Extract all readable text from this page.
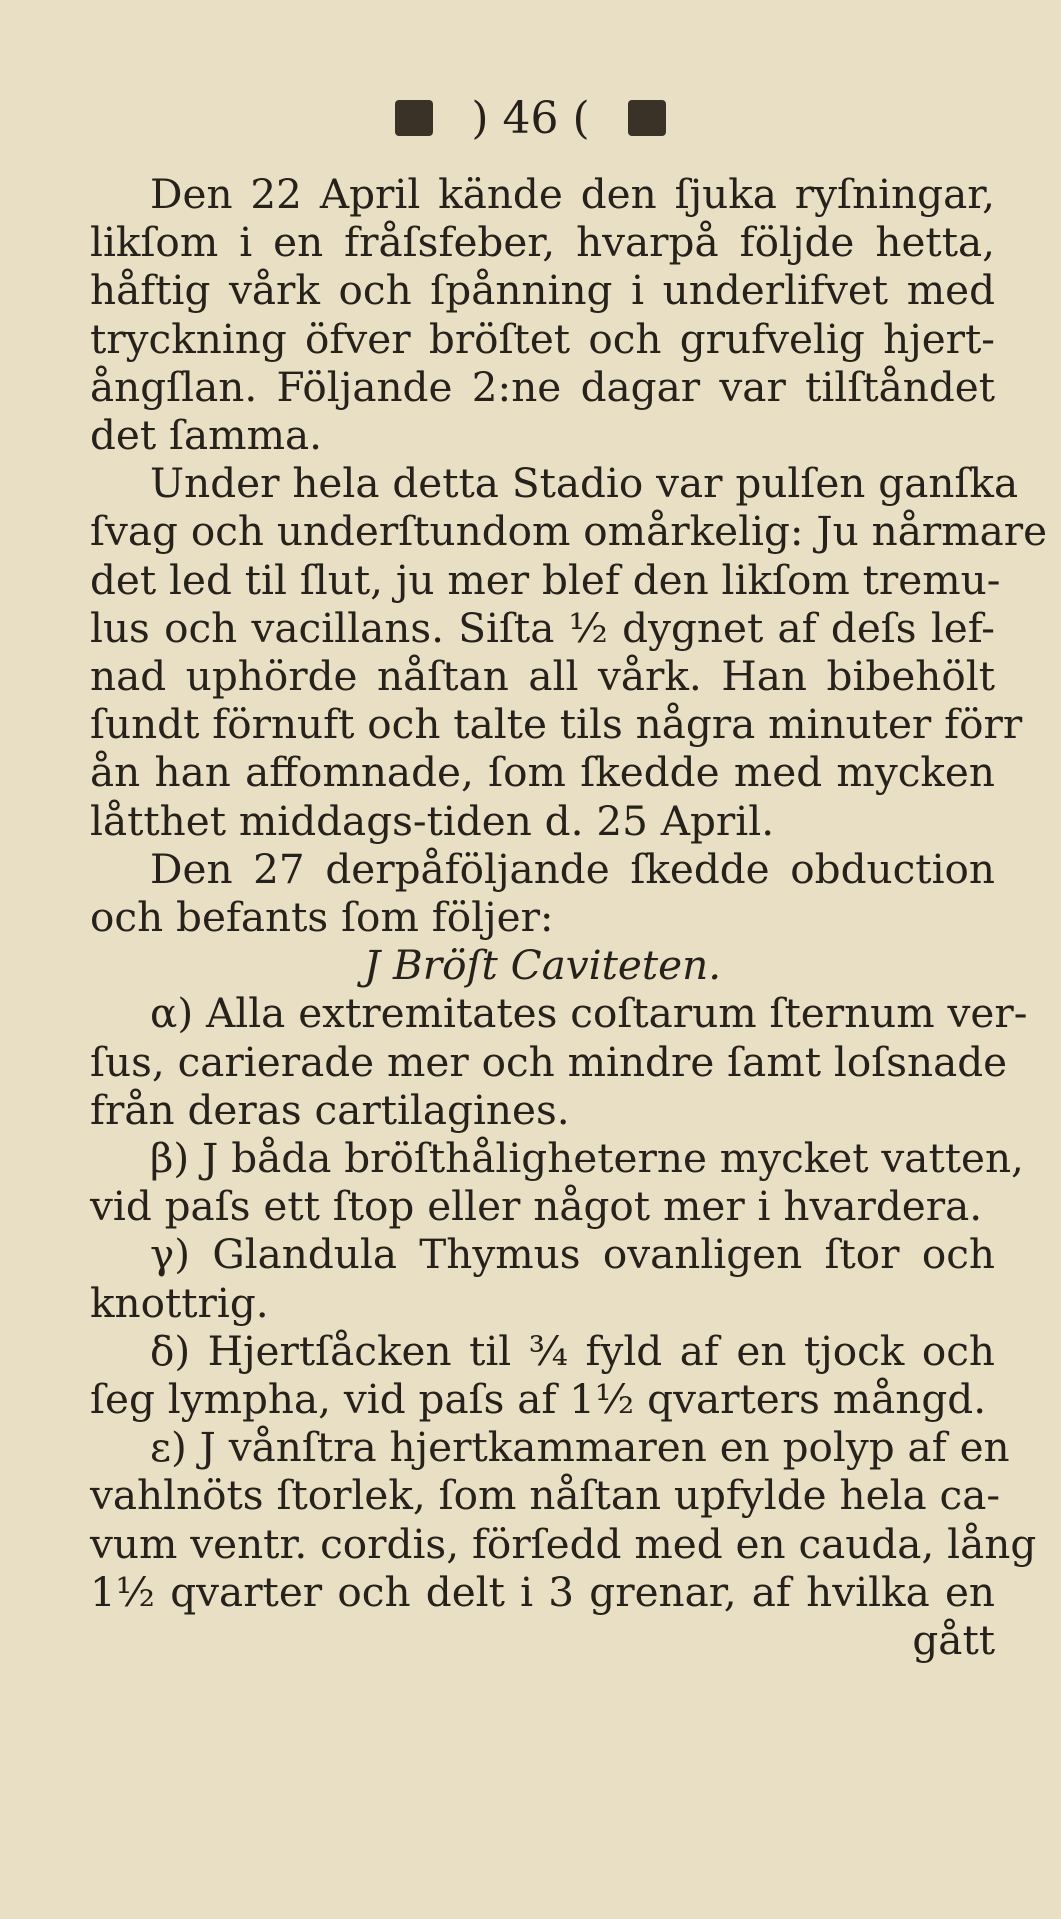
) 46 (
Den 22 April kände den ſjuka ryſningar,
likſom i en fråſsfeber, hvarpå följde hetta,
håftig vårk och ſpånning i underlifvet med
tryckning öfver bröſtet och grufvelig hjert-
ångſlan. Följande 2:ne dagar var tilſtåndet
det ſamma.
Under hela detta Stadio var pulſen ganſka
ſvag och underſtundom omårkelig: Ju nårmare
det led til ſlut, ju mer blef den likſom tremu-
lus och vacillans. Siſta ½ dygnet af deſs lef-
nad uphörde nåſtan all vårk. Han bibehölt
ſundt förnuft och talte tils några minuter förr
ån han affomnade, ſom ſkedde med mycken
låtthet middags-tiden d. 25 April.
Den 27 derpåföljande ſkedde obduction
och befants ſom följer:
J Bröſt Caviteten.
α) Alla extremitates coſtarum ſternum ver-
ſus, carierade mer och mindre ſamt loſsnade
från deras cartilagines.
β) J båda bröſthåligheterne mycket vatten,
vid paſs ett ſtop eller något mer i hvardera.
γ) Glandula Thymus ovanligen ſtor och
knottrig.
δ) Hjertſåcken til ¾ fyld af en tjock och
ſeg lympha, vid paſs af 1½ qvarters mångd.
ε) J vånſtra hjertkammaren en polyp af en
vahlnöts ſtorlek, ſom nåſtan upfylde hela ca-
vum ventr. cordis, förſedd med en cauda, lång
1½ qvarter och delt i 3 grenar, af hvilka en
gått
